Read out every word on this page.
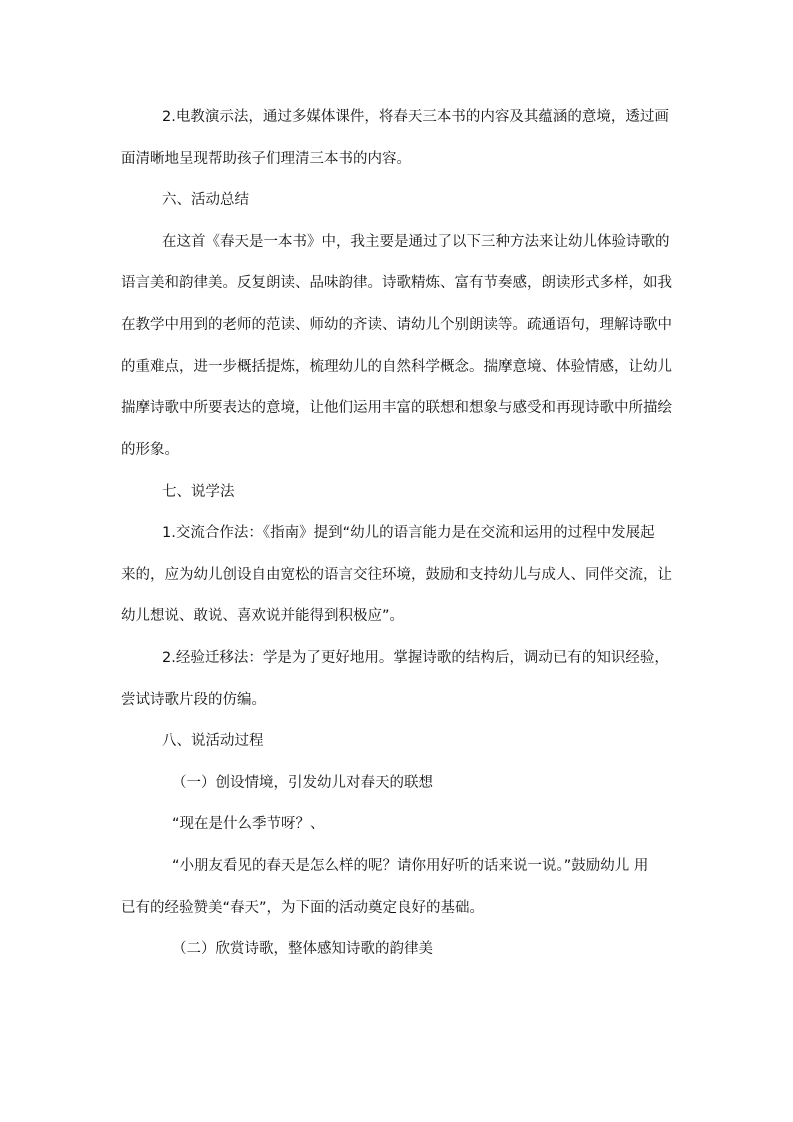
2.电教演示法，通过多媒体课件，将春天三本书的内容及其蕴涵的意境，透过画
面清晰地呈现帮助孩子们理清三本书的内容。
六、活动总结
在这首《春天是一本书》中，我主要是通过了以下三种方法来让幼儿体验诗歌的
语言美和韵律美。反复朗读、品味韵律。诗歌精炼、富有节奏感，朗读形式多样，如我
在教学中用到的老师的范读、师幼的齐读、请幼儿个别朗读等。疏通语句，理解诗歌中
的重难点，进一步概括提炼，梳理幼儿的自然科学概念。揣摩意境、体验情感，让幼儿
揣摩诗歌中所要表达的意境，让他们运用丰富的联想和想象与感受和再现诗歌中所描绘
的形象。
七、说学法
1.交流合作法：《指南》提到“幼儿的语言能力是在交流和运用的过程中发展起
来的，应为幼儿创设自由宽松的语言交往环境，鼓励和支持幼儿与成人、同伴交流，让
幼儿想说、敢说、喜欢说并能得到积极应”。
2.经验迁移法：学是为了更好地用。掌握诗歌的结构后，调动已有的知识经验，
尝试诗歌片段的仿编。
八、说活动过程
（一）创设情境，引发幼儿对春天的联想
“现在是什么季节呀？、
“小朋友看见的春天是怎么样的呢？请你用好听的话来说一说。”鼓励幼儿 用
已有的经验赞美“春天”，为下面的活动奠定良好的基础。
（二）欣赏诗歌，整体感知诗歌的韵律美
